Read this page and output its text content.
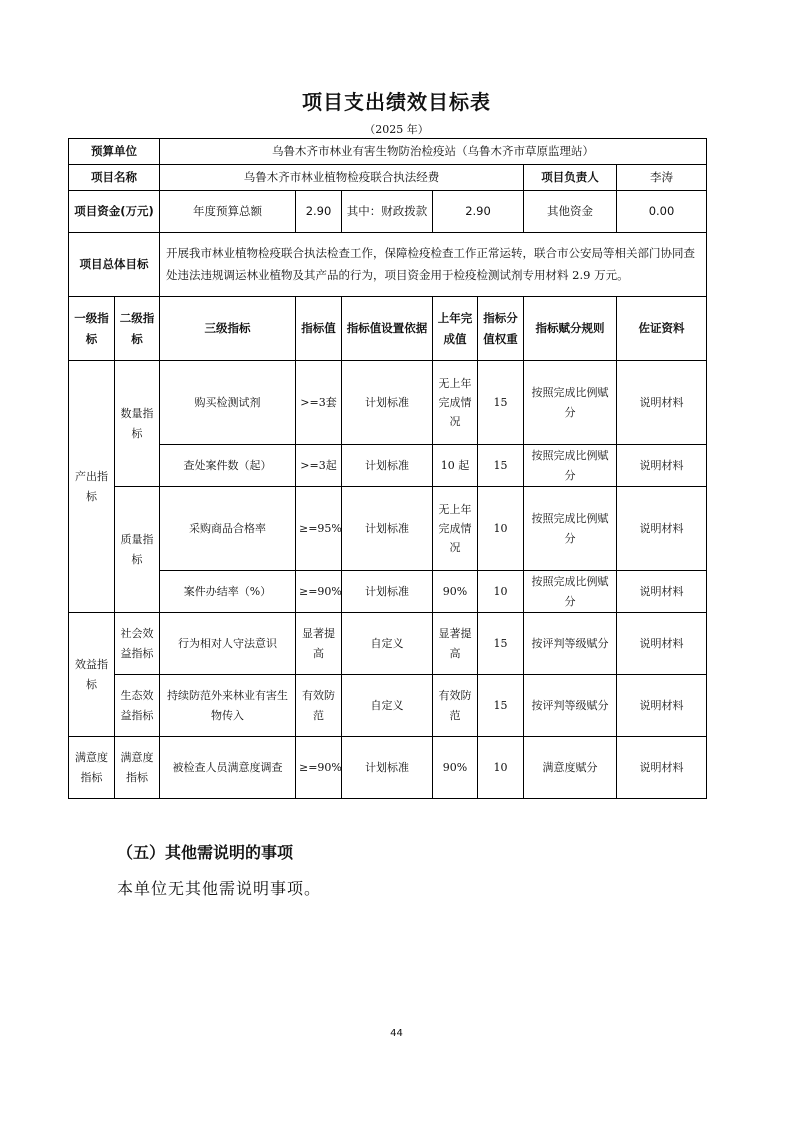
项目支出绩效目标表
（2025 年）
预算单位		乌鲁木齐市林业有害生物防治检疫站（乌鲁木齐市草原监理站）						
项目名称		乌鲁木齐市林业植物检疫联合执法经费					项目负责人	李涛
项目资金(万元)		年度预算总额	2.90	其中：财政拨款	2.90		其他资金	0.00
项目总体目标		开展我市林业植物检疫联合执法检查工作，保障检疫检查工作正常运转，联合市公安局等相关部门协同查处违法违规调运林业植物及其产品的行为，项目资金用于检疫检测试剂专用材料 2.9 万元。						
一级指标	二级指标	三级指标	指标值	指标值设置依据	上年完成值	指标分值权重	指标赋分规则	佐证资料
产出指标	数量指标	购买检测试剂	>=3套	计划标准	无上年完成情况	15	按照完成比例赋分	说明材料
		查处案件数（起）	>=3起	计划标准	10 起	15	按照完成比例赋分	说明材料
	质量指标	采购商品合格率	≥=95%	计划标准	无上年完成情况	10	按照完成比例赋分	说明材料
		案件办结率（%）	≥=90%	计划标准	90%	10	按照完成比例赋分	说明材料
效益指标	社会效益指标	行为相对人守法意识	显著提高	自定义	显著提高	15	按评判等级赋分	说明材料
	生态效益指标	持续防范外来林业有害生物传入	有效防范	自定义	有效防范	15	按评判等级赋分	说明材料
满意度指标	满意度指标	被检查人员满意度调查	≥=90%	计划标准	90%	10	满意度赋分	说明材料
（五）其他需说明的事项
本单位无其他需说明事项。
44
